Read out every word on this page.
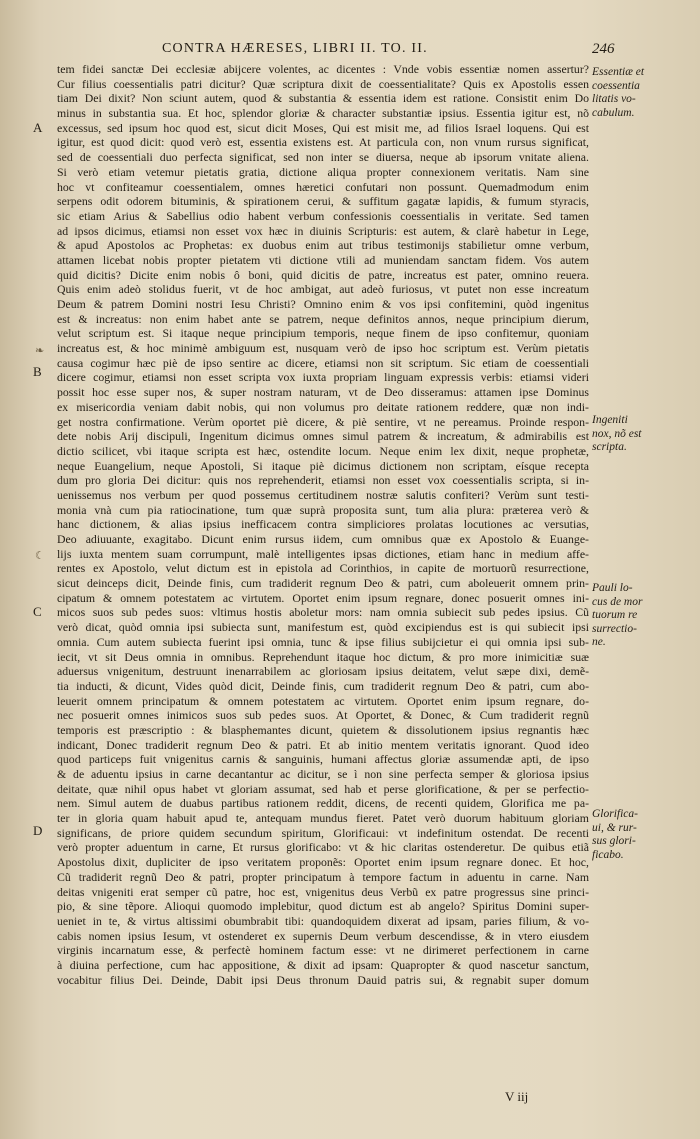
CONTRA HÆRESES, LIBRI II. TO. II.	246
A
B
C
D
❧
☾
tem fidei sanctæ Dei ecclesiæ abijcere volentes, ac dicentes : Vnde vobis essentiæ nomen assertur?
Cur filius coessentialis patri dicitur? Quæ scriptura dixit de coessentialitate? Quis ex Apostolis essen
tiam Dei dixit? Non sciunt autem, quod & substantia & essentia idem est ratione. Consistit enim Do
minus in substantia sua. Et hoc, splendor gloriæ & character substantiæ ipsius. Essentia igitur est, nõ
excessus, sed ipsum hoc quod est, sicut dicit Moses, Qui est misit me, ad filios Israel loquens. Qui est
igitur, est quod dicit: quod verò est, essentia existens est. At particula con, non vnum rursus significat,
sed de coessentiali duo perfecta significat, sed non inter se diuersa, neque ab ipsorum vnitate aliena.
Si verò etiam vetemur pietatis gratia, dictione aliqua propter connexionem veritatis. Nam sine
hoc vt confiteamur coessentialem, omnes hæretici confutari non possunt. Quemadmodum enim
serpens odit odorem bituminis, & spirationem cerui, & suffitum gagatæ lapidis, & fumum styracis,
sic etiam Arius & Sabellius odio habent verbum confessionis coessentialis in veritate. Sed tamen
ad ipsos dicimus, etiamsi non esset vox hæc in diuinis Scripturis: est autem, & clarè habetur in Lege,
& apud Apostolos ac Prophetas: ex duobus enim aut tribus testimonijs stabilietur omne verbum,
attamen licebat nobis propter pietatem vti dictione vtili ad muniendam sanctam fidem. Vos autem
quid dicitis? Dicite enim nobis ô boni, quid dicitis de patre, increatus est pater, omnino reuera.
Quis enim adeò stolidus fuerit, vt de hoc ambigat, aut adeò furiosus, vt putet non esse increatum
Deum & patrem Domini nostri Iesu Christi? Omnino enim & vos ipsi confitemini, quòd ingenitus
est & increatus: non enim habet ante se patrem, neque definitos annos, neque principium dierum,
velut scriptum est. Si itaque neque principium temporis, neque finem de ipso confitemur, quoniam
increatus est, & hoc minimè ambiguum est, nusquam verò de ipso hoc scriptum est. Verùm pietatis
causa cogimur hæc piè de ipso sentire ac dicere, etiamsi non sit scriptum. Sic etiam de coessentiali
dicere cogimur, etiamsi non esset scripta vox iuxta propriam linguam expressis verbis: etiamsi videri
possit hoc esse super nos, & super nostram naturam, vt de Deo disseramus: attamen ipse Dominus
ex misericordia veniam dabit nobis, qui non volumus pro deitate rationem reddere, quæ non indi-
get nostra confirmatione. Verùm oportet piè dicere, & piè sentire, vt ne pereamus. Proinde respon-
dete nobis Arij discipuli, Ingenitum dicimus omnes simul patrem & increatum, & admirabilis est
dictio scilicet, vbi itaque scripta est hæc, ostendite locum. Neque enim lex dixit, neque prophetæ,
neque Euangelium, neque Apostoli, Si itaque piè dicimus dictionem non scriptam, eísque recepta
dum pro gloria Dei dicitur: quis nos reprehenderit, etiamsi non esset vox coessentialis scripta, si in-
uenissemus nos verbum per quod possemus certitudinem nostræ salutis confiteri? Verùm sunt testi-
monia vnà cum pia ratiocinatione, tum quæ suprà proposita sunt, tum alia plura: præterea verò &
hanc dictionem, & alias ipsius inefficacem contra simpliciores prolatas locutiones ac versutias,
Deo adiuuante, exagitabo. Dicunt enim rursus iidem, cum omnibus quæ ex Apostolo & Euange-
lijs iuxta mentem suam corrumpunt, malè intelligentes ipsas dictiones, etiam hanc in medium affe-
rentes ex Apostolo, velut dictum est in epistola ad Corinthios, in capite de mortuorũ resurrectione,
sicut deinceps dicit, Deinde finis, cum tradiderit regnum Deo & patri, cum aboleuerit omnem prin-
cipatum & omnem potestatem ac virtutem. Oportet enim ipsum regnare, donec posuerit omnes ini-
micos suos sub pedes suos: vltimus hostis aboletur mors: nam omnia subiecit sub pedes ipsius. Cũ
verò dicat, quòd omnia ipsi subiecta sunt, manifestum est, quòd excipiendus est is qui subiecit ipsi
omnia. Cum autem subiecta fuerint ipsi omnia, tunc & ipse filius subijcietur ei qui omnia ipsi sub-
iecit, vt sit Deus omnia in omnibus. Reprehendunt itaque hoc dictum, & pro more inimicitiæ suæ
aduersus vnigenitum, destruunt inenarrabilem ac gloriosam ipsius deitatem, velut sæpe dixi, demẽ-
tia inducti, & dicunt, Vides quòd dicit, Deinde finis, cum tradiderit regnum Deo & patri, cum abo-
leuerit omnem principatum & omnem potestatem ac virtutem. Oportet enim ipsum regnare, do-
nec posuerit omnes inimicos suos sub pedes suos. At Oportet, & Donec, & Cum tradiderit regnũ
temporis est præscriptio : & blasphemantes dicunt, quietem & dissolutionem ipsius regnantis hæc
indicant, Donec tradiderit regnum Deo & patri. Et ab initio mentem veritatis ignorant. Quod ideo
quod particeps fuit vnigenitus carnis & sanguinis, humani affectus gloriæ assumendæ apti, de ipso
& de aduentu ipsius in carne decantantur ac dicitur, se ì non sine perfecta semper & gloriosa ipsius
deitate, quæ nihil opus habet vt gloriam assumat, sed hab et perse glorificatione, & per se perfectio-
nem. Simul autem de duabus partibus rationem reddit, dicens, de recenti quidem, Glorifica me pa-
ter in gloria quam habuit apud te, antequam mundus fieret. Patet verò duorum habituum gloriam
significans, de priore quidem secundum spiritum, Glorificaui: vt indefinitum ostendat. De recenti
verò propter aduentum in carne, Et rursus glorificabo: vt & hic claritas ostenderetur. De quibus etiã
Apostolus dixit, dupliciter de ipso veritatem proponẽs: Oportet enim ipsum regnare donec. Et hoc,
Cũ tradiderit regnũ Deo & patri, propter principatum à tempore factum in aduentu in carne. Nam
deitas vnigeniti erat semper cũ patre, hoc est, vnigenitus deus Verbũ ex patre progressus sine princi-
pio, & sine tẽpore. Alioqui quomodo implebitur, quod dictum est ab angelo? Spiritus Domini super-
ueniet in te, & virtus altissimi obumbrabit tibi: quandoquidem dixerat ad ipsam, paries filium, & vo-
cabis nomen ipsius Iesum, vt ostenderet ex supernis Deum verbum descendisse, & in vtero eiusdem
virginis incarnatum esse, & perfectè hominem factum esse: vt ne dirimeret perfectionem in carne
à diuina perfectione, cum hac appositione, & dixit ad ipsam: Quapropter & quod nascetur sanctum,
vocabitur filius Dei. Deinde, Dabit ipsi Deus thronum Dauid patris sui, & regnabit super domum
Essentiæ et
coessentia
litatis vo-
cabulum.
Ingeniti
nox, nõ est
scripta.
Pauli lo-
cus de mor
tuorum re
surrectio-
ne.
Glorifica-
ui, & rur-
sus glori-
ficabo.
V iij
